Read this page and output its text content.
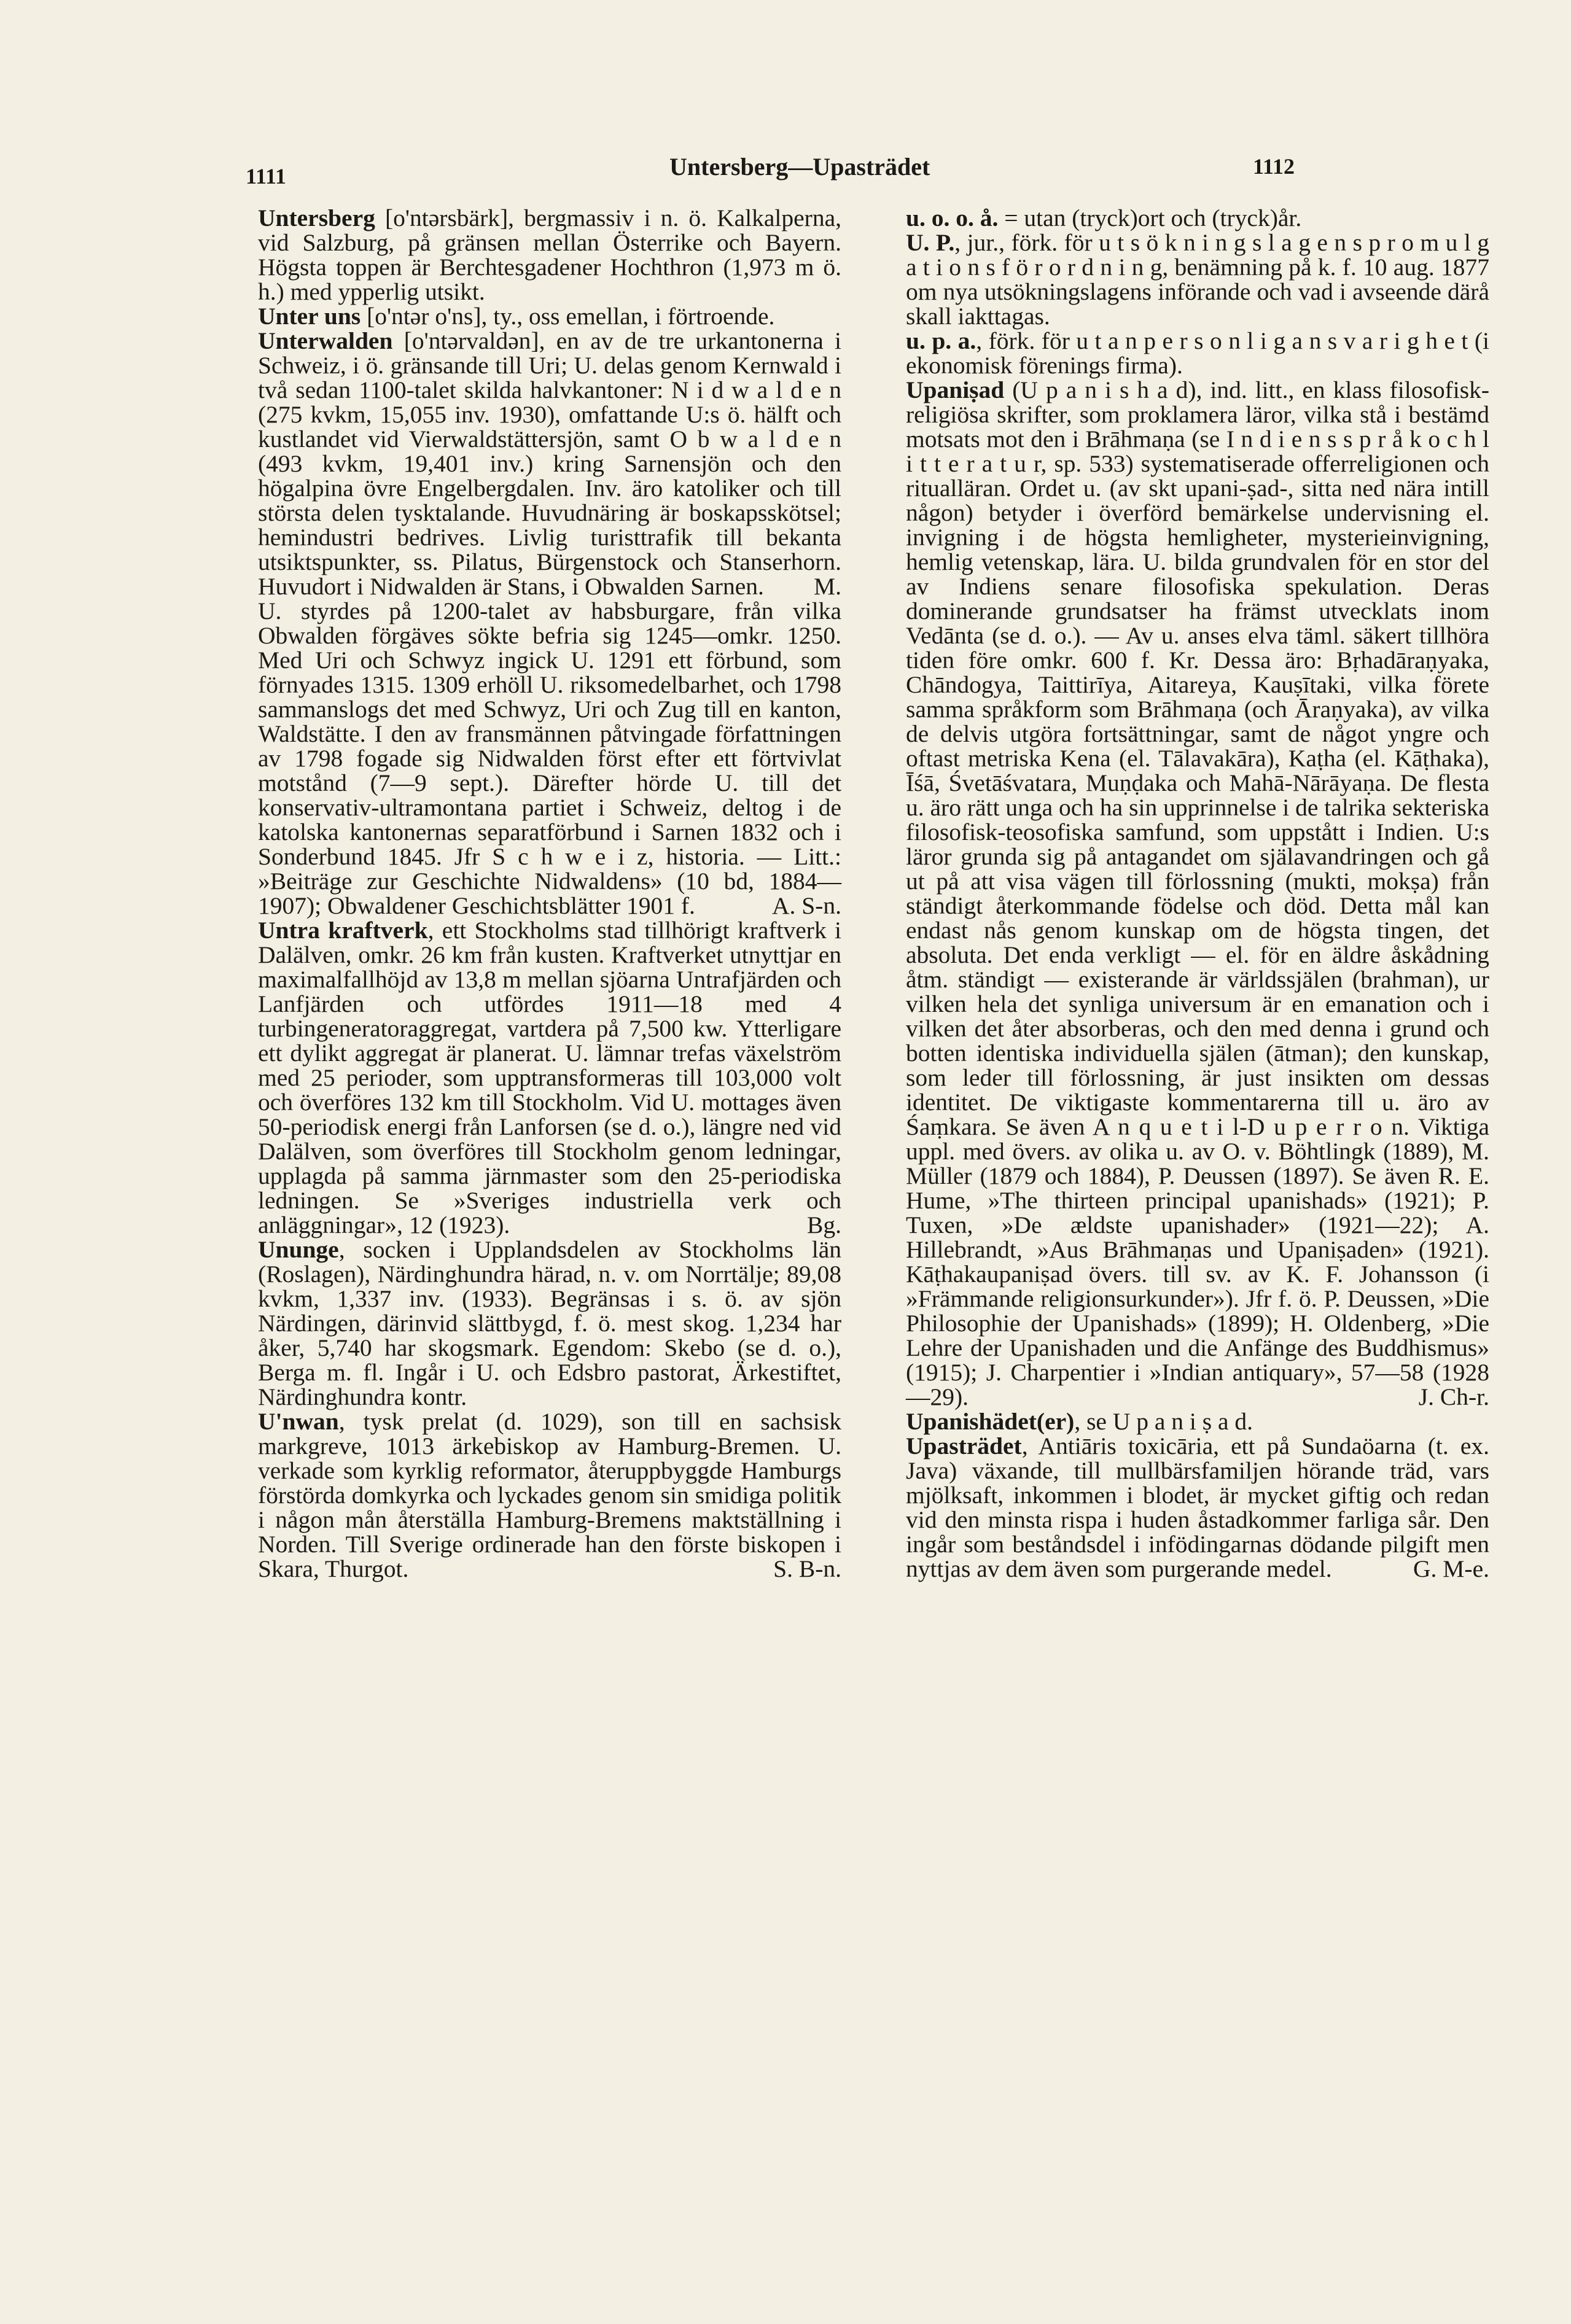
1111	Untersberg—Upasträdet	1112

Untersberg [o'ntərsbärk], bergmassiv i n. ö. Kalkalperna, vid Salzburg, på gränsen mellan Österrike och Bayern. Högsta toppen är Berchtesgadener Hochthron (1,973 m ö. h.) med ypperlig utsikt.

Unter uns [o'ntər o'ns], ty., oss emellan, i förtroende.

Unterwalden [o'ntərvaldən], en av de tre urkantonerna i Schweiz, i ö. gränsande till Uri; U. delas genom Kernwald i två sedan 1100-talet skilda halvkantoner: N i d w a l d e n (275 kvkm, 15,055 inv. 1930), omfattande U:s ö. hälft och kustlandet vid Vierwaldstättersjön, samt O b w a l d e n (493 kvkm, 19,401 inv.) kring Sarnensjön och den högalpina övre Engelbergdalen. Inv. äro katoliker och till största delen tysktalande. Huvudnäring är boskapsskötsel; hemindustri bedrives. Livlig turisttrafik till bekanta utsiktspunkter, ss. Pilatus, Bürgenstock och Stanserhorn. Huvudort i Nidwalden är Stans, i Obwalden Sarnen. M.

U. styrdes på 1200-talet av habsburgare, från vilka Obwalden förgäves sökte befria sig 1245—omkr. 1250. Med Uri och Schwyz ingick U. 1291 ett förbund, som förnyades 1315. 1309 erhöll U. riksomedelbarhet, och 1798 sammanslogs det med Schwyz, Uri och Zug till en kanton, Waldstätte. I den av fransmännen påtvingade författningen av 1798 fogade sig Nidwalden först efter ett förtvivlat motstånd (7—9 sept.). Därefter hörde U. till det konservativ-ultramontana partiet i Schweiz, deltog i de katolska kantonernas separatförbund i Sarnen 1832 och i Sonderbund 1845. Jfr S c h w e i z, historia. — Litt.: »Beiträge zur Geschichte Nidwaldens» (10 bd, 1884—1907); Obwaldener Geschichtsblätter 1901 f.	A. S-n.

Untra kraftverk, ett Stockholms stad tillhörigt kraftverk i Dalälven, omkr. 26 km från kusten. Kraftverket utnyttjar en maximalfallhöjd av 13,8 m mellan sjöarna Untrafjärden och Lanfjärden och utfördes 1911—18 med 4 turbingeneratoraggregat, vartdera på 7,500 kw. Ytterligare ett dylikt aggregat är planerat. U. lämnar trefas växelström med 25 perioder, som upptransformeras till 103,000 volt och överföres 132 km till Stockholm. Vid U. mottages även 50-periodisk energi från Lanforsen (se d. o.), längre ned vid Dalälven, som överföres till Stockholm genom ledningar, upplagda på samma järnmaster som den 25-periodiska ledningen. Se »Sveriges industriella verk och anläggningar», 12 (1923).	Bg.

Ununge, socken i Upplandsdelen av Stockholms län (Roslagen), Närdinghundra härad, n. v. om Norrtälje; 89,08 kvkm, 1,337 inv. (1933). Begränsas i s. ö. av sjön Närdingen, därinvid slättbygd, f. ö. mest skog. 1,234 har åker, 5,740 har skogsmark. Egendom: Skebo (se d. o.), Berga m. fl. Ingår i U. och Edsbro pastorat, Ärkestiftet, Närdinghundra kontr.

U'nwan, tysk prelat (d. 1029), son till en sachsisk markgreve, 1013 ärkebiskop av Hamburg-Bremen. U. verkade som kyrklig reformator, återuppbyggde Hamburgs förstörda domkyrka och lyckades genom sin smidiga politik i någon mån återställa Hamburg-Bremens maktställning i Norden. Till Sverige ordinerade han den förste biskopen i Skara, Thurgot.	S. B-n.

u. o. o. å. = utan (tryck)ort och (tryck)år.

U. P., jur., förk. för u t s ö k n i n g s l a g e n s p r o m u l g a t i o n s f ö r o r d n i n g, benämning på k. f. 10 aug. 1877 om nya utsökningslagens införande och vad i avseende därå skall iakttagas.

u. p. a., förk. för u t a n p e r s o n l i g a n s v a r i g h e t (i ekonomisk förenings firma).

Upaniṣad (U p a n i s h a d), ind. litt., en klass filosofisk-religiösa skrifter, som proklamera läror, vilka stå i bestämd motsats mot den i Brāhmaṇa (se I n d i e n s s p r å k o c h l i t t e r a t u r, sp. 533) systematiserade offerreligionen och ritualläran. Ordet u. (av skt upani-ṣad-, sitta ned nära intill någon) betyder i överförd bemärkelse undervisning el. invigning i de högsta hemligheter, mysterieinvigning, hemlig vetenskap, lära. U. bilda grundvalen för en stor del av Indiens senare filosofiska spekulation. Deras dominerande grundsatser ha främst utvecklats inom Vedānta (se d. o.). — Av u. anses elva täml. säkert tillhöra tiden före omkr. 600 f. Kr. Dessa äro: Bṛhadāraṇyaka, Chāndogya, Taittirīya, Aitareya, Kauṣītaki, vilka förete samma språkform som Brāhmaṇa (och Āraṇyaka), av vilka de delvis utgöra fortsättningar, samt de något yngre och oftast metriska Kena (el. Tālavakāra), Kaṭha (el. Kāṭhaka), Īśā, Śvetāśvatara, Muṇḍaka och Mahā-Nārāyaṇa. De flesta u. äro rätt unga och ha sin upprinnelse i de talrika sekteriska filosofisk-teosofiska samfund, som uppstått i Indien. U:s läror grunda sig på antagandet om själavandringen och gå ut på att visa vägen till förlossning (mukti, mokṣa) från ständigt återkommande födelse och död. Detta mål kan endast nås genom kunskap om de högsta tingen, det absoluta. Det enda verkligt — el. för en äldre åskådning åtm. ständigt — existerande är världssjälen (brahman), ur vilken hela det synliga universum är en emanation och i vilken det åter absorberas, och den med denna i grund och botten identiska individuella själen (ātman); den kunskap, som leder till förlossning, är just insikten om dessas identitet. De viktigaste kommentarerna till u. äro av Śaṃkara. Se även A n q u e t i l-D u p e r r o n. Viktiga uppl. med övers. av olika u. av O. v. Böhtlingk (1889), M. Müller (1879 och 1884), P. Deussen (1897). Se även R. E. Hume, »The thirteen principal upanishads» (1921); P. Tuxen, »De ældste upanishader» (1921—22); A. Hillebrandt, »Aus Brāhmaṇas und Upaniṣaden» (1921). Kāṭhakaupaniṣad övers. till sv. av K. F. Johansson (i »Främmande religionsurkunder»). Jfr f. ö. P. Deussen, »Die Philosophie der Upanishads» (1899); H. Oldenberg, »Die Lehre der Upanishaden und die Anfänge des Buddhismus» (1915); J. Charpentier i »Indian antiquary», 57—58 (1928—29).	J. Ch-r.

Upanishädet(er), se U p a n i ṣ a d.

Upasträdet, Antiāris toxicāria, ett på Sundaöarna (t. ex. Java) växande, till mullbärsfamiljen hörande träd, vars mjölksaft, inkommen i blodet, är mycket giftig och redan vid den minsta rispa i huden åstadkommer farliga sår. Den ingår som beståndsdel i infödingarnas dödande pilgift men nyttjas av dem även som purgerande medel.	G. M-e.
